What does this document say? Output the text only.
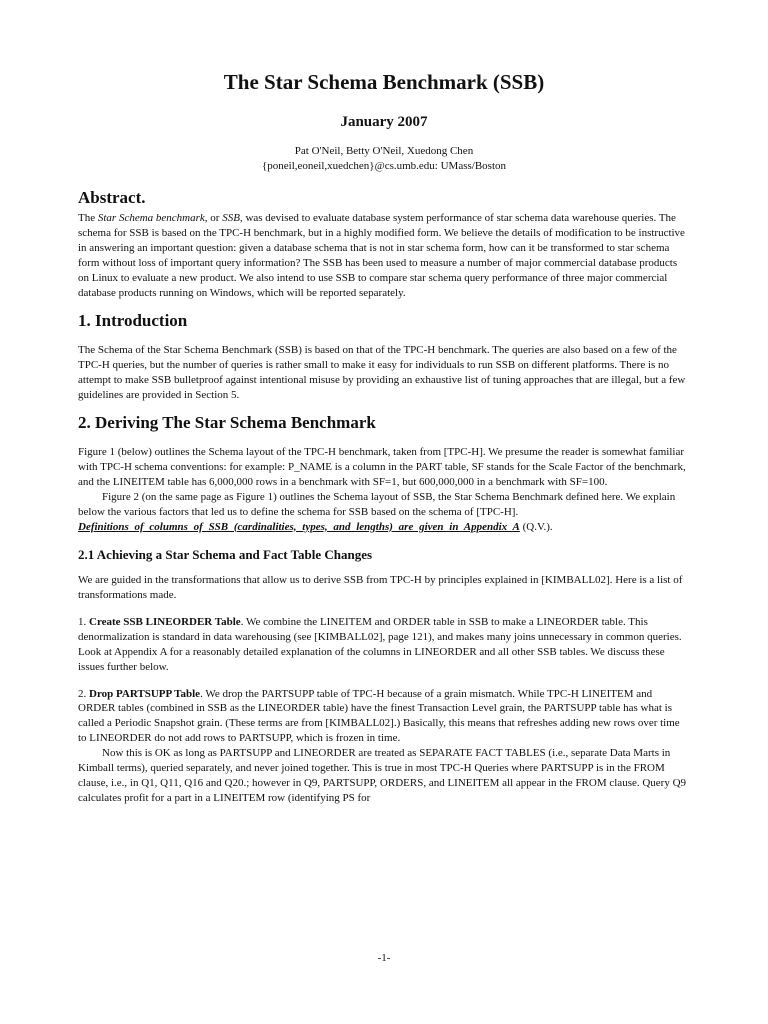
The Star Schema Benchmark (SSB)
January 2007
Pat O'Neil, Betty O'Neil, Xuedong Chen
{poneil,eoneil,xuedchen}@cs.umb.edu: UMass/Boston
Abstract.

The Star Schema benchmark, or SSB, was devised to evaluate database system performance of star schema data warehouse queries. The schema for SSB is based on the TPC-H benchmark, but in a highly modified form. We believe the details of modification to be instructive in answering an important question: given a database schema that is not in star schema form, how can it be transformed to star schema form without loss of important query information? The SSB has been used to measure a number of major commercial database products on Linux to evaluate a new product. We also intend to use SSB to compare star schema query performance of three major commercial database products running on Windows, which will be reported separately.

1. Introduction

The Schema of the Star Schema Benchmark (SSB) is based on that of the TPC-H benchmark. The queries are also based on a few of the TPC-H queries, but the number of queries is rather small to make it easy for individuals to run SSB on different platforms. There is no attempt to make SSB bulletproof against intentional misuse by providing an exhaustive list of tuning approaches that are illegal, but a few guidelines are provided in Section 5.

2. Deriving The Star Schema Benchmark

Figure 1 (below) outlines the Schema layout of the TPC-H benchmark, taken from [TPC-H]. We presume the reader is somewhat familiar with TPC-H schema conventions: for example: P_NAME is a column in the PART table, SF stands for the Scale Factor of the benchmark, and the LINEITEM table has 6,000,000 rows in a benchmark with SF=1, but 600,000,000 in a benchmark with SF=100.

Figure 2 (on the same page as Figure 1) outlines the Schema layout of SSB, the Star Schema Benchmark defined here. We explain below the various factors that led us to define the schema for SSB based on the schema of [TPC-H].

Definitions of columns of SSB (cardinalities, types, and lengths) are given in Appendix A (Q.V.).

2.1 Achieving a Star Schema and Fact Table Changes

We are guided in the transformations that allow us to derive SSB from TPC-H by principles explained in [KIMBALL02]. Here is a list of transformations made.

1. Create SSB LINEORDER Table. We combine the LINEITEM and ORDER table in SSB to make a LINEORDER table. This denormalization is standard in data warehousing (see [KIMBALL02], page 121), and makes many joins unnecessary in common queries. Look at Appendix A for a reasonably detailed explanation of the columns in LINEORDER and all other SSB tables. We discuss these issues further below.

2. Drop PARTSUPP Table. We drop the PARTSUPP table of TPC-H because of a grain mismatch. While TPC-H LINEITEM and ORDER tables (combined in SSB as the LINEORDER table) have the finest Transaction Level grain, the PARTSUPP table has what is called a Periodic Snapshot grain. (These terms are from [KIMBALL02].) Basically, this means that refreshes adding new rows over time to LINEORDER do not add rows to PARTSUPP, which is frozen in time.

Now this is OK as long as PARTSUPP and LINEORDER are treated as SEPARATE FACT TABLES (i.e., separate Data Marts in Kimball terms), queried separately, and never joined together. This is true in most TPC-H Queries where PARTSUPP is in the FROM clause, i.e., in Q1, Q11, Q16 and Q20.; however in Q9, PARTSUPP, ORDERS, and LINEITEM all appear in the FROM clause. Query Q9 calculates profit for a part in a LINEITEM row (identifying PS for

-1-
